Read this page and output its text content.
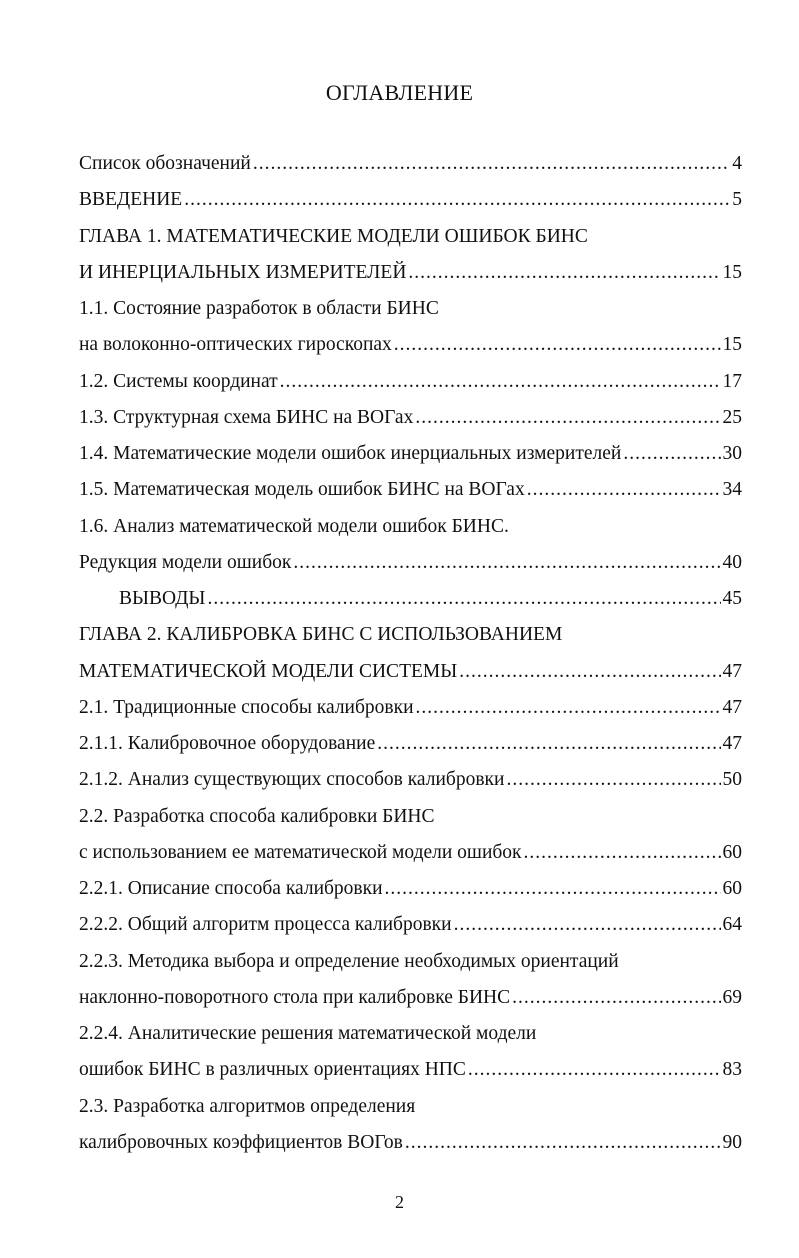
ОГЛАВЛЕНИЕ
Список обозначений .....	4
ВВЕДЕНИЕ .....	5
ГЛАВА 1. МАТЕМАТИЧЕСКИЕ МОДЕЛИ ОШИБОК БИНС
И ИНЕРЦИАЛЬНЫХ ИЗМЕРИТЕЛЕЙ .....	15
1.1. Состояние разработок в области БИНС
на волоконно-оптических гироскопах .....	15
1.2. Системы координат .....	17
1.3. Структурная схема БИНС на ВОГах .....	25
1.4. Математические модели ошибок инерциальных измерителей .....	30
1.5. Математическая модель ошибок БИНС на ВОГах .....	34
1.6. Анализ математической модели ошибок БИНС.
Редукция модели ошибок .....	40
ВЫВОДЫ .....	45
ГЛАВА 2. КАЛИБРОВКА БИНС С ИСПОЛЬЗОВАНИЕМ
МАТЕМАТИЧЕСКОЙ МОДЕЛИ СИСТЕМЫ .....	47
2.1. Традиционные способы калибровки .....	47
2.1.1. Калибровочное оборудование .....	47
2.1.2. Анализ существующих способов калибровки .....	50
2.2. Разработка способа калибровки БИНС
с использованием ее математической модели ошибок .....	60
2.2.1. Описание способа калибровки .....	60
2.2.2. Общий алгоритм процесса калибровки .....	64
2.2.3. Методика выбора и определение необходимых ориентаций
наклонно-поворотного стола при калибровке БИНС .....	69
2.2.4. Аналитические решения математической модели
ошибок БИНС в различных ориентациях НПС .....	83
2.3. Разработка алгоритмов определения
калибровочных коэффициентов ВОГов .....	90
2
